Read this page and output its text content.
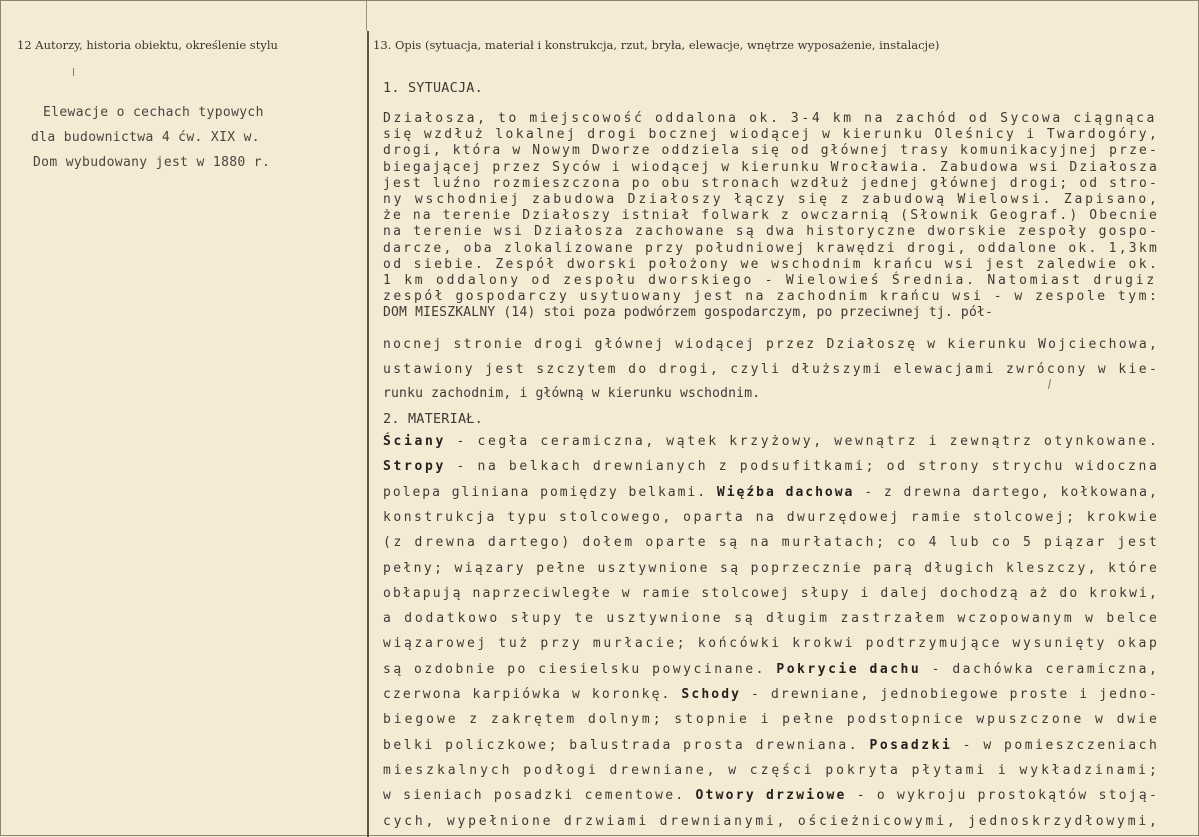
12 Autorzy, historia obiektu, określenie stylu
Elewacje o cechach typowych
dla budownictwa 4 ćw. XIX w.
Dom wybudowany jest w 1880 r.
13. Opis (sytuacja, materiał i konstrukcja, rzut, bryła, elewacje, wnętrze wyposażenie, instalacje)
1. SYTUACJA.
Działosza, to miejscowość oddalona ok. 3-4 km na zachód od Sycowa ciągnąca
się wzdłuż lokalnej drogi bocznej wiodącej w kierunku Oleśnicy i Twardogóry,
drogi, która w Nowym Dworze oddziela się od głównej trasy komunikacyjnej prze-
biegającej przez Syców i wiodącej w kierunku Wrocławia. Zabudowa wsi Działosza
jest luźno rozmieszczona po obu stronach wzdłuż jednej głównej drogi; od stro-
ny wschodniej zabudowa Działoszy łączy się z zabudową Wielowsi. Zapisano,
że na terenie Działoszy istniał folwark z owczarnią (Słownik Geograf.) Obecnie
na terenie wsi Działosza zachowane są dwa historyczne dworskie zespoły gospo-
darcze, oba zlokalizowane przy południowej krawędzi drogi, oddalone ok. 1,3km
od siebie. Zespół dworski położony we wschodnim krańcu wsi jest zaledwie ok.
1 km oddalony od zespołu dworskiego - Wielowieś Średnia. Natomiast drugiz
zespół gospodarczy usytuowany jest na zachodnim krańcu wsi - w zespole tym:
DOM MIESZKALNY (14) stoi poza podwórzem gospodarczym, po przeciwnej tj. pół-
nocnej stronie drogi głównej wiodącej przez Działoszę w kierunku Wojciechowa,
ustawiony jest szczytem do drogi, czyli dłuższymi elewacjami zwrócony w kie-
runku zachodnim, i główną w kierunku wschodnim.
2. MATERIAŁ.
Ściany - cegła ceramiczna, wątek krzyżowy, wewnątrz i zewnątrz otynkowane.
Stropy - na belkach drewnianych z podsufitkami; od strony strychu widoczna
polepa gliniana pomiędzy belkami. Więźba dachowa - z drewna dartego, kołkowana,
konstrukcja typu stolcowego, oparta na dwurzędowej ramie stolcowej; krokwie
(z drewna dartego) dołem oparte są na murłatach; co 4 lub co 5 piązar jest
pełny; wiązary pełne usztywnione są poprzecznie parą długich kleszczy, które
obłapują naprzeciwległe w ramie stolcowej słupy i dalej dochodzą aż do krokwi,
a dodatkowo słupy te usztywnione są długim zastrzałem wczopowanym w belce
wiązarowej tuż przy murłacie; końcówki krokwi podtrzymujące wysunięty okap
są ozdobnie po ciesielsku powycinane. Pokrycie dachu - dachówka ceramiczna,
czerwona karpiówka w koronkę. Schody - drewniane, jednobiegowe proste i jedno-
biegowe z zakrętem dolnym; stopnie i pełne podstopnice wpuszczone w dwie
belki policzkowe; balustrada prosta drewniana. Posadzki - w pomieszczeniach
mieszkalnych podłogi drewniane, w części pokryta płytami i wykładzinami;
w sieniach posadzki cementowe. Otwory drzwiowe - o wykroju prostokątów stoją-
cych, wypełnione drzwiami drewnianymi, ościeżnicowymi, jednoskrzydłowymi,
